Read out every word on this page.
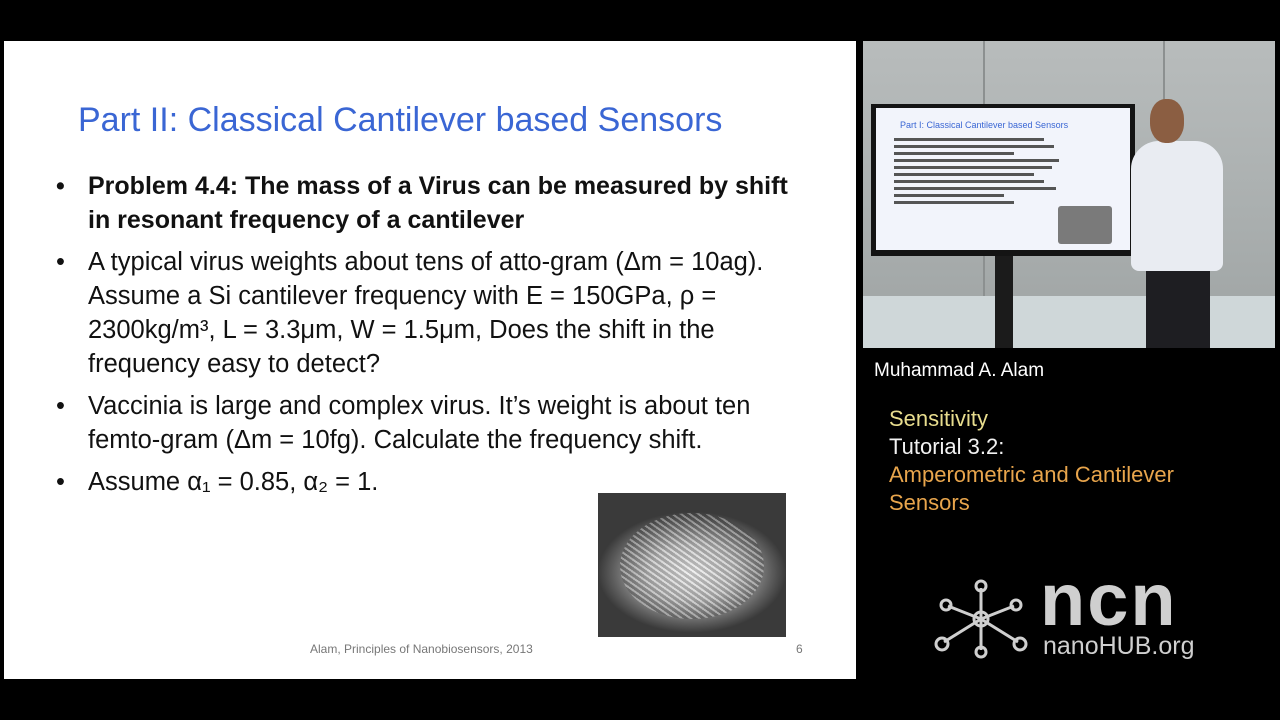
Part II: Classical Cantilever based Sensors
• Problem 4.4: The mass of a Virus can be measured by shift in resonant frequency of a cantilever
• A typical virus weights about tens of atto-gram (Δm = 10ag). Assume a Si cantilever frequency with E = 150GPa, ρ = 2300kg/m³, L = 3.3μm, W = 1.5μm, Does the shift in the frequency easy to detect?
• Vaccinia is large and complex virus. It’s weight is about ten femto-gram (Δm = 10fg). Calculate the frequency shift.
• Assume α₁ = 0.85, α₂ = 1.
Alam, Principles of Nanobiosensors, 2013	6
Part I: Classical Cantilever based Sensors
Muhammad A. Alam
Sensitivity
Tutorial 3.2:
Amperometric and Cantilever
Sensors
ncn
nanoHUB.org
